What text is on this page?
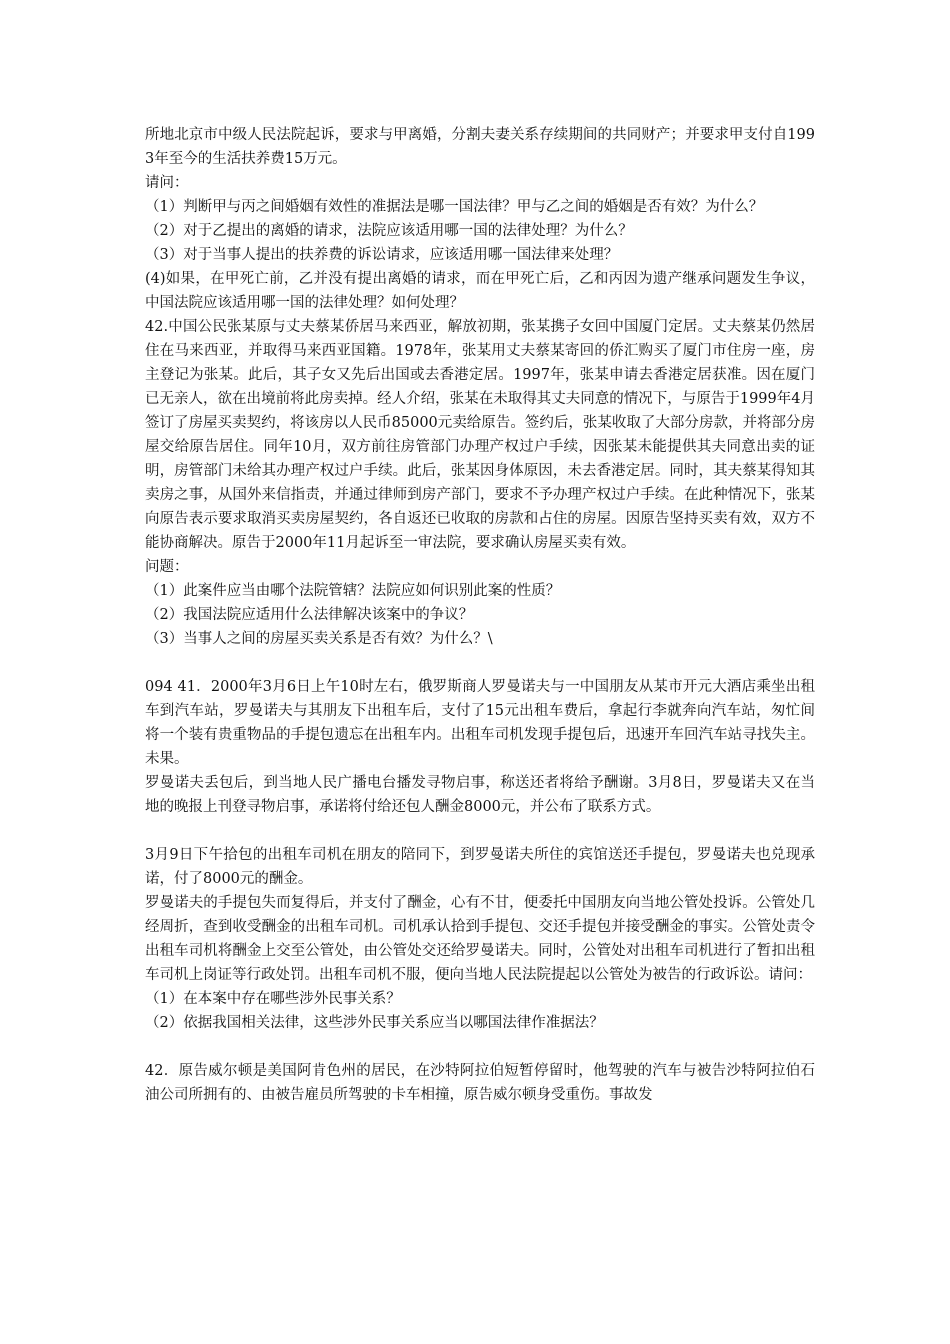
所地北京市中级人民法院起诉，要求与甲离婚，分割夫妻关系存续期间的共同财产；并要求甲支付自1993年至今的生活扶养费15万元。

请问：

（1）判断甲与丙之间婚姻有效性的准据法是哪一国法律？甲与乙之间的婚姻是否有效？为什么？

（2）对于乙提出的离婚的请求，法院应该适用哪一国的法律处理？为什么？

（3）对于当事人提出的扶养费的诉讼请求，应该适用哪一国法律来处理？

(4)如果，在甲死亡前，乙并没有提出离婚的请求，而在甲死亡后，乙和丙因为遗产继承问题发生争议，中国法院应该适用哪一国的法律处理？如何处理？

42.中国公民张某原与丈夫蔡某侨居马来西亚，解放初期，张某携子女回中国厦门定居。丈夫蔡某仍然居住在马来西亚，并取得马来西亚国籍。1978年，张某用丈夫蔡某寄回的侨汇购买了厦门市住房一座，房主登记为张某。此后，其子女又先后出国或去香港定居。1997年，张某申请去香港定居获准。因在厦门已无亲人，欲在出境前将此房卖掉。经人介绍，张某在未取得其丈夫同意的情况下，与原告于1999年4月签订了房屋买卖契约，将该房以人民币85000元卖给原告。签约后，张某收取了大部分房款，并将部分房屋交给原告居住。同年10月，双方前往房管部门办理产权过户手续，因张某未能提供其夫同意出卖的证明，房管部门未给其办理产权过户手续。此后，张某因身体原因，未去香港定居。同时，其夫蔡某得知其卖房之事，从国外来信指责，并通过律师到房产部门，要求不予办理产权过户手续。在此种情况下，张某向原告表示要求取消买卖房屋契约，各自返还已收取的房款和占住的房屋。因原告坚持买卖有效，双方不能协商解决。原告于2000年11月起诉至一审法院，要求确认房屋买卖有效。

问题：

（1）此案件应当由哪个法院管辖？法院应如何识别此案的性质？

（2）我国法院应适用什么法律解决该案中的争议？

（3）当事人之间的房屋买卖关系是否有效？为什么？\

094 41．2000年3月6日上午10时左右，俄罗斯商人罗曼诺夫与一中国朋友从某市开元大酒店乘坐出租车到汽车站，罗曼诺夫与其朋友下出租车后，支付了15元出租车费后，拿起行李就奔向汽车站，匆忙间将一个装有贵重物品的手提包遗忘在出租车内。出租车司机发现手提包后，迅速开车回汽车站寻找失主。未果。

罗曼诺夫丢包后，到当地人民广播电台播发寻物启事，称送还者将给予酬谢。3月8日，罗曼诺夫又在当地的晚报上刊登寻物启事，承诺将付给还包人酬金8000元，并公布了联系方式。

3月9日下午拾包的出租车司机在朋友的陪同下，到罗曼诺夫所住的宾馆送还手提包，罗曼诺夫也兑现承诺，付了8000元的酬金。

罗曼诺夫的手提包失而复得后，并支付了酬金，心有不甘，便委托中国朋友向当地公管处投诉。公管处几经周折，查到收受酬金的出租车司机。司机承认拾到手提包、交还手提包并接受酬金的事实。公管处责令出租车司机将酬金上交至公管处，由公管处交还给罗曼诺夫。同时，公管处对出租车司机进行了暂扣出租车司机上岗证等行政处罚。出租车司机不服，便向当地人民法院提起以公管处为被告的行政诉讼。请问：

（1）在本案中存在哪些涉外民事关系？

（2）依据我国相关法律，这些涉外民事关系应当以哪国法律作准据法？

42．原告威尔顿是美国阿肯色州的居民，在沙特阿拉伯短暂停留时，他驾驶的汽车与被告沙特阿拉伯石油公司所拥有的、由被告雇员所驾驶的卡车相撞，原告威尔顿身受重伤。事故发
